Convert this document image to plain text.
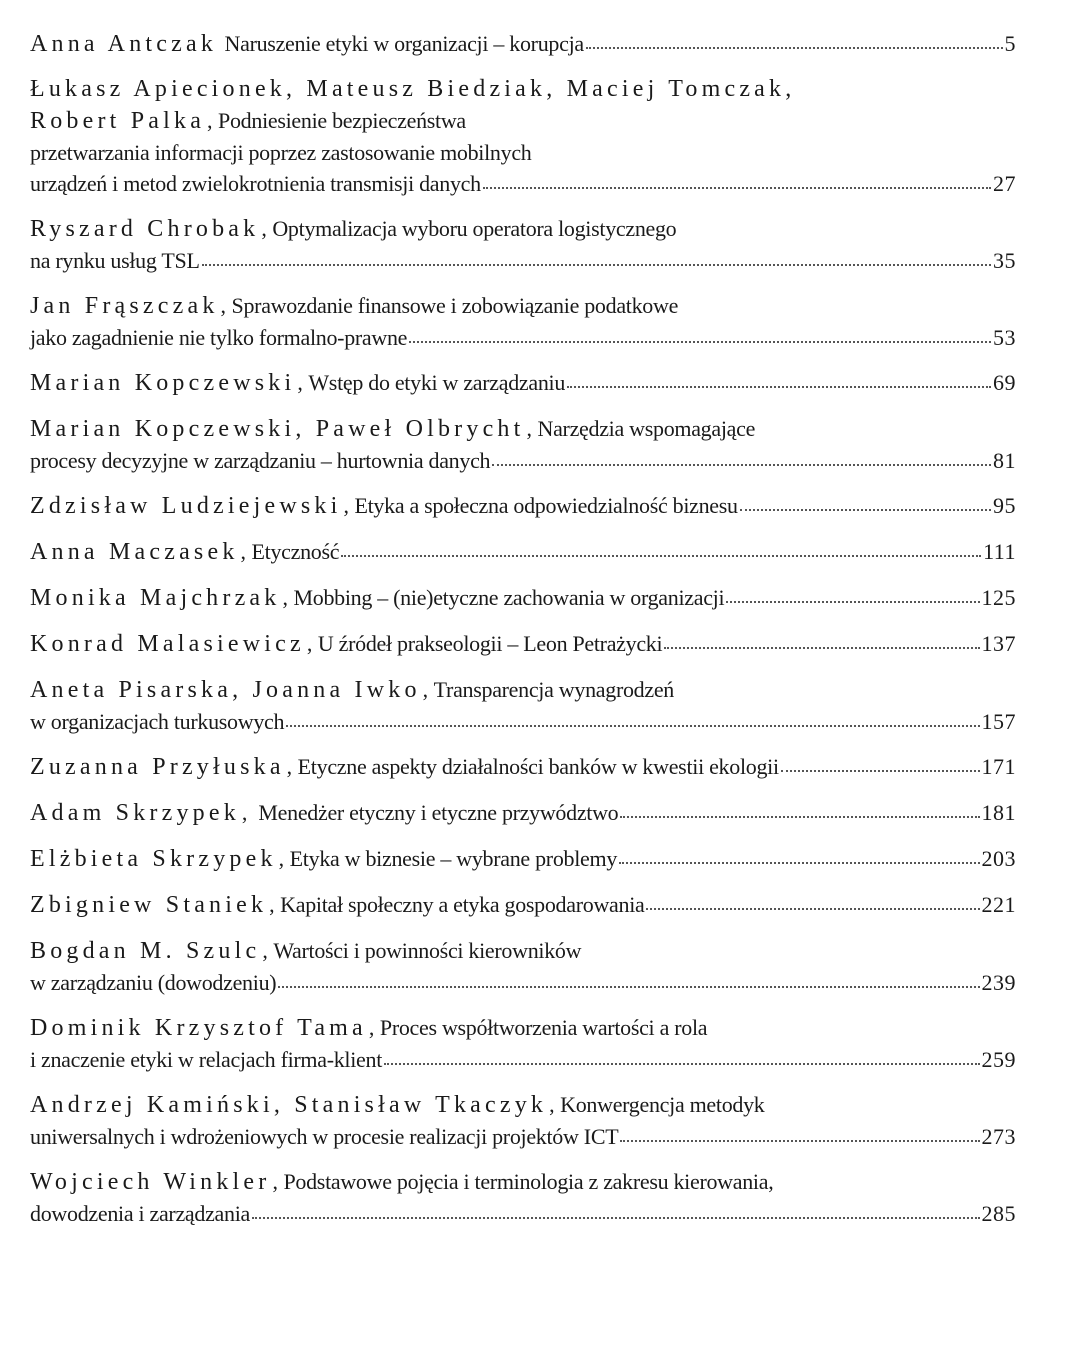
Anna Antczak
Naruszenie etyki w organizacji – korupcja	5
Łukasz Apiecionek, Mateusz Biedziak, Maciej Tomczak,
Robert Palka , Podniesienie bezpieczeństwa
przetwarzania informacji poprzez zastosowanie mobilnych
urządzeń i metod zwielokrotnienia transmisji danych	27
Ryszard Chrobak , Optymalizacja wyboru operatora logistycznego
na rynku usług TSL	35
Jan Frąszczak , Sprawozdanie finansowe i zobowiązanie podatkowe
jako zagadnienie nie tylko formalno-prawne	53
Marian Kopczewski , Wstęp do etyki w zarządzaniu	69
Marian Kopczewski, Paweł Olbrycht , Narzędzia wspomagające
procesy decyzyjne w zarządzaniu – hurtownia danych	81
Zdzisław Ludziejewski , Etyka a społeczna odpowiedzialność biznesu	95
Anna Maczasek , Etyczność	111
Monika Majchrzak , Mobbing – (nie)etyczne zachowania w organizacji	125
Konrad Malasiewicz , U źródeł prakseologii – Leon Petrażycki	137
Aneta Pisarska, Joanna Iwko , Transparencja wynagrodzeń
w organizacjach turkusowych	157
Zuzanna Przyłuska , Etyczne aspekty działalności banków w kwestii ekologii	171
Adam Skrzypek , Menedżer etyczny i etyczne przywództwo	181
Elżbieta Skrzypek , Etyka w biznesie – wybrane problemy	203
Zbigniew Staniek , Kapitał społeczny a etyka gospodarowania	221
Bogdan M. Szulc , Wartości i powinności kierowników
w zarządzaniu (dowodzeniu)	239
Dominik Krzysztof Tama , Proces współtworzenia wartości a rola
i znaczenie etyki w relacjach firma-klient	259
Andrzej Kamiński, Stanisław Tkaczyk , Konwergencja metodyk
uniwersalnych i wdrożeniowych w procesie realizacji projektów ICT	273
Wojciech Winkler , Podstawowe pojęcia i terminologia z zakresu kierowania,
dowodzenia i zarządzania	285
